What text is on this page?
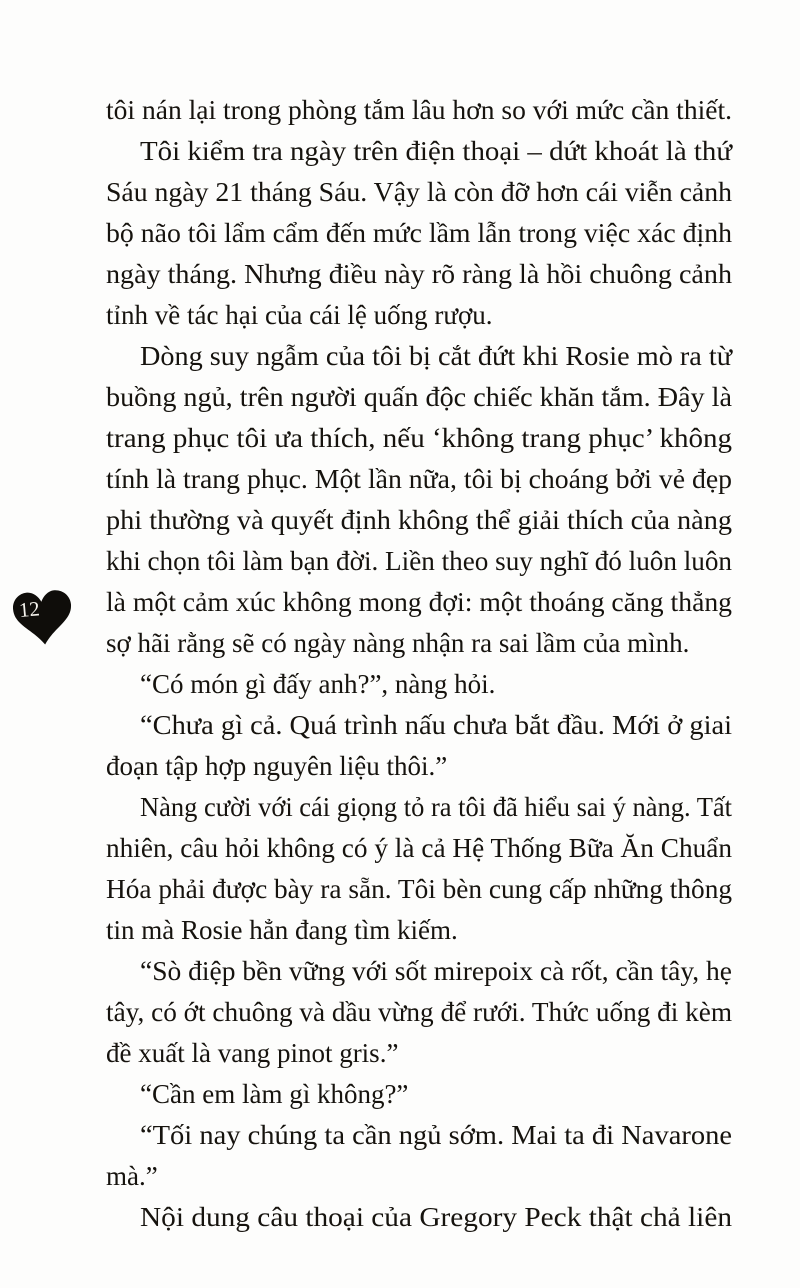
12
tôi nán lại trong phòng tắm lâu hơn so với mức cần thiết.
Tôi kiểm tra ngày trên điện thoại – dứt khoát là thứ
Sáu ngày 21 tháng Sáu. Vậy là còn đỡ hơn cái viễn cảnh
bộ não tôi lẩm cẩm đến mức lầm lẫn trong việc xác định
ngày tháng. Nhưng điều này rõ ràng là hồi chuông cảnh
tỉnh về tác hại của cái lệ uống rượu.
Dòng suy ngẫm của tôi bị cắt đứt khi Rosie mò ra từ
buồng ngủ, trên người quấn độc chiếc khăn tắm. Đây là
trang phục tôi ưa thích, nếu ‘không trang phục’ không
tính là trang phục. Một lần nữa, tôi bị choáng bởi vẻ đẹp
phi thường và quyết định không thể giải thích của nàng
khi chọn tôi làm bạn đời. Liền theo suy nghĩ đó luôn luôn
là một cảm xúc không mong đợi: một thoáng căng thẳng
sợ hãi rằng sẽ có ngày nàng nhận ra sai lầm của mình.
“Có món gì đấy anh?”, nàng hỏi.
“Chưa gì cả. Quá trình nấu chưa bắt đầu. Mới ở giai
đoạn tập hợp nguyên liệu thôi.”
Nàng cười với cái giọng tỏ ra tôi đã hiểu sai ý nàng. Tất
nhiên, câu hỏi không có ý là cả Hệ Thống Bữa Ăn Chuẩn
Hóa phải được bày ra sẵn. Tôi bèn cung cấp những thông
tin mà Rosie hẳn đang tìm kiếm.
“Sò điệp bền vững với sốt mirepoix cà rốt, cần tây, hẹ
tây, có ớt chuông và dầu vừng để rưới. Thức uống đi kèm
đề xuất là vang pinot gris.”
“Cần em làm gì không?”
“Tối nay chúng ta cần ngủ sớm. Mai ta đi Navarone
mà.”
Nội dung câu thoại của Gregory Peck thật chả liên
